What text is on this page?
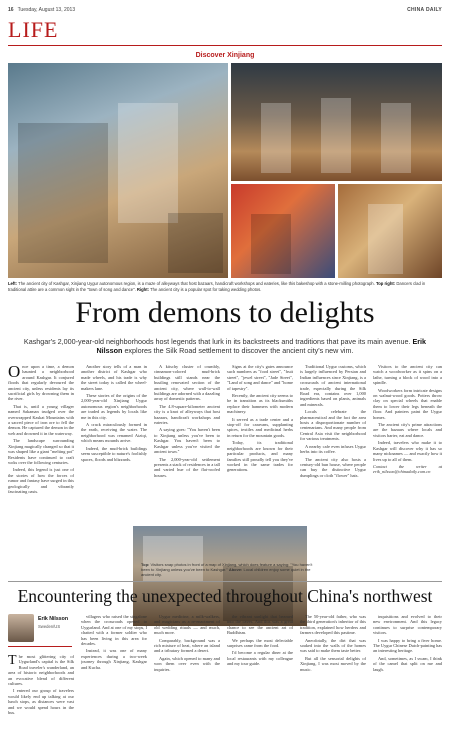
16 Tuesday, August 13, 2013	CHINA DAILY
LIFE
Discover Xinjiang
Left: The ancient city of Kashgar, Xinjiang Uygur autonomous region, is a maze of alleyways that host bazaars, handicraft workshops and eateries, like this bakeshop with a stone-milling photograph. Top right: Dancers clad in traditional attire are a common sight in the "town of song and dance". Right: The ancient city is a popular spot for taking wedding photos.
From demons to delights
Kashgar's 2,000-year-old neighborhoods host legends that lurk in its backstreets and traditions that pave its main avenue. Erik Nilsson explores the Silk Road settlement to discover the ancient city's new vim.

Once upon a time, a demon haunted a neighborhood around Kashgar. It conjured floods that regularly devoured the ancient city, unless residents lay its sacrificial girls by drowning them in the river.

That is, until a young villager named Sakaman trudged over the overwrapped Kaskat Mountains with a sacred piece of iron ore to fell the demon. He captured the demon in the web and drowned it in the waterway.

The landscape surrounding Xinjiang magically changed so that it was shaped like a giant "melting pot" Residents have continued to craft woks over the following centuries.

Indeed, this legend is just one of the stories of how the forces of rumor and fantasy have surged in this geologically and vibrantly fascinating oasis.

Another story tells of a man in another district of Kashgar who made wheels, and his trade is why the street today is called the wheel-makers lane.

These stories of the origins of the 2,000-year-old Xinjiang Uygur autonomous region's neighborhoods are traded as legends by locals like me in this city.

A crack miraculously formed in the earth, receiving the water. The neighborhood was renamed Aiziqi, which means mounds arrive.

Indeed, the mud-brick buildings seem susceptible to nature's foolishly spaces, floods and blizzards.

A kitschy cluster of crumbly, cinnamon-colored mud-brick buildings still stands near the bustling renovated section of the ancient city, where wall-to-wall buildings are adorned with a dazzling array of domestic patterns.

The 4.8-square-kilometer ancient city is a knot of alleyways that host bazaars, handicraft workshops and eateries.

A saying goes: "You haven't been to Xinjiang unless you've been to Kashgar. You haven't been to Kashgar unless you've visited the ancient town."

The 2,000-year-old settlement presents a stack of residences in a tall and varied hue of the flat-roofed houses.

Signs at the city's gates announce such numbers as "food street", "fruit street", "jewel street", "Jade Street", "Land of song and dance" and "home of tapestry".

Recently, the ancient city seems to be in transition as its blacksmiths replace their hammers with modern machinery.

It served as a trade center and a stop-off for caravans, supplanting spices, textiles and medicinal herbs in return for the mountain goods.

Today, its traditional neighborhoods are known for their particular products, and many families still proudly tell you they've worked in the same trades for generations.

Traditional Uygur customs, which is largely influenced by Persian and Indian influences since Xinjiang, is a crossroads of ancient international trade, especially during the Silk Road era, contains over 1,000 ingredients based on plants, animals and minerals.

Locals celebrate the pharmaceutical and the fact the area hosts a disproportionate number of centenarians. And many people from Central Asia visit the neighborhood for various treatments.

A nearby cafe even infuses Uygur herbs into its coffee.

The ancient city also hosts a century-old bun house, where people can buy the distinctive Uygur dumplings or cloth "flower" hats.

Visitors to the ancient city can watch a woodworker as it spins on a lathe, turning a block of wood into a spindle.

Woodworkers form intricate designs on walnut-wood goods. Potters throw clay on special wheels that enable them to lower their legs beneath the floor. And painters paint the Uygur homes.

The ancient city's prime attractions are the bazaars where locals and visitors barter, eat and dance.

Indeed, travelers who make it to Kashgar will discover why it has so many nicknames — and exactly how it lives up to all of them.

Contact the writer at erik_nilsson@chinadaily.com.cn

Top: Visitors snap photos in front of a map of Xinjiang, which does feature a saying: "You haven't been to Xinjiang unless you've been to Kashgar." Above: Local children enjoy some quiet in the ancient city.
Encountering the unexpected throughout China's northwest
Erik Nilsson
Sweden/US

The most glittering city of Uygurland's capital is the Silk Road traveler's wanderland, an area of historic neighborhoods and an evocative blend of different cultures.

I entered our group of travelers would likely end up talking at our lunch stops, as distances were vast and we would spend hours in the bus.

villagers who raised the singalone when the crossroads opened to Uygurland. And at one of my stops, I chatted with a former soldier who has been living in this area for decades.

Instead, it was one of many experiences during a two-week journey through Xinjiang, Kashgar and Kucha.

Uygur medicine, a milk-walkers, and magicians as a re-enactment of old wedding rituals — and much, much more.

Comparably, background was a rich mixture of heat, where an island and a tributary formed a desert.

Again, which opened to many and won them over even with the inquiries.

the vibrant sunlight that beamed into the caves. And this was a great chance to see the ancient art of Buddhism.

We perhaps the most delectable surprises came from the food.

I'd become a regular diner at the local restaurants with my colleague and my tour guide.

The 50-year-old father, who was the third generation's inheritor of this tradition, explained how herders and farmers developed this pastime.

Anecdotally, the dirt that was soaked into the walls of the homes was said to make them taste better.

But all the sensorial delights of Xinjiang, I was most moved by the music.

inquisitions and evolved to their new environment. And this legacy continues to surprise contemporary visitors.

I was happy to bring a fiver home. The Uygur Chinese Dutch-painting has an interesting heritage.

And, sometimes, as I swam, I think of the camel that split on me and laugh.
